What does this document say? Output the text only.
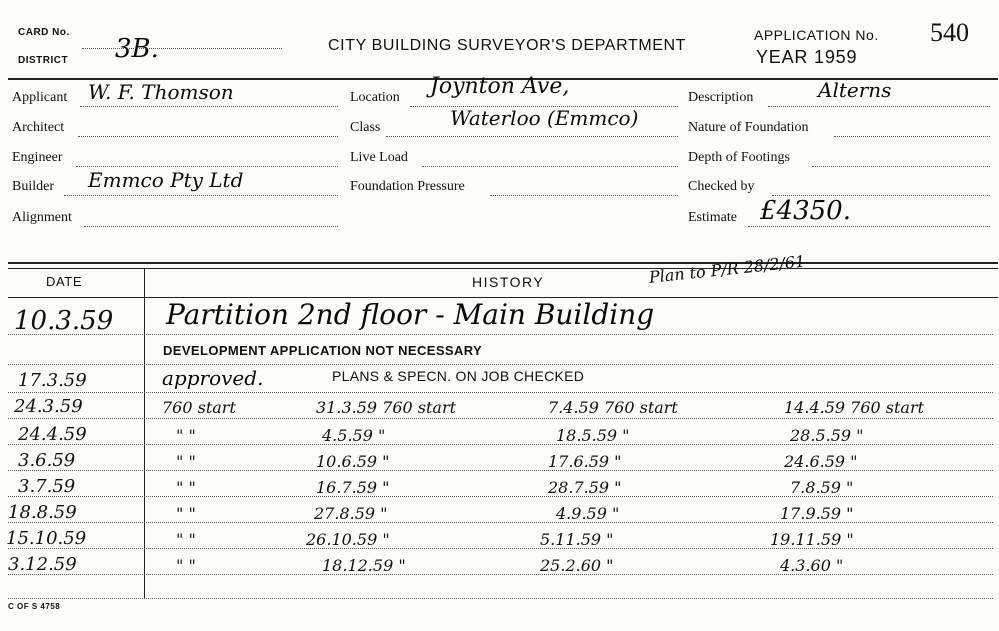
CARD No.
DISTRICT 3B.	CITY BUILDING SURVEYOR'S DEPARTMENT
APPLICATION No. 540
YEAR 1959
Applicant W. F. Thomson
Architect
Engineer
Builder Emmco Pty Ltd
Alignment
Location Joynton Ave,
Class	Waterloo (Emmco)
Live Load
Foundation Pressure
Description	Alterns
Nature of Foundation
Depth of Footings
Checked by
Estimate £4350.
DATE	HISTORY	Plan to P/R 28/2/61
10.3.59 Partition 2nd floor - Main Building
DEVELOPMENT APPLICATION NOT NECESSARY
17.3.59	approved.	PLANS & SPECN. ON JOB CHECKED
24.3.59	760 start	31.3.59 760 start	7.4.59 760 start	14.4.59 760 start
24.4.59	" "	4.5.59 "	18.5.59 "	28.5.59 "
3.6.59	" "	10.6.59 "	17.6.59 "	24.6.59 "
3.7.59	" "	16.7.59 "	28.7.59 "	7.8.59 "
18.8.59	" "	27.8.59 "	4.9.59 "	17.9.59 "
15.10.59	" "	26.10.59 "	5.11.59 "	19.11.59 "
3.12.59	" "	18.12.59 "	25.2.60 "	4.3.60 "
C OF S 4758
